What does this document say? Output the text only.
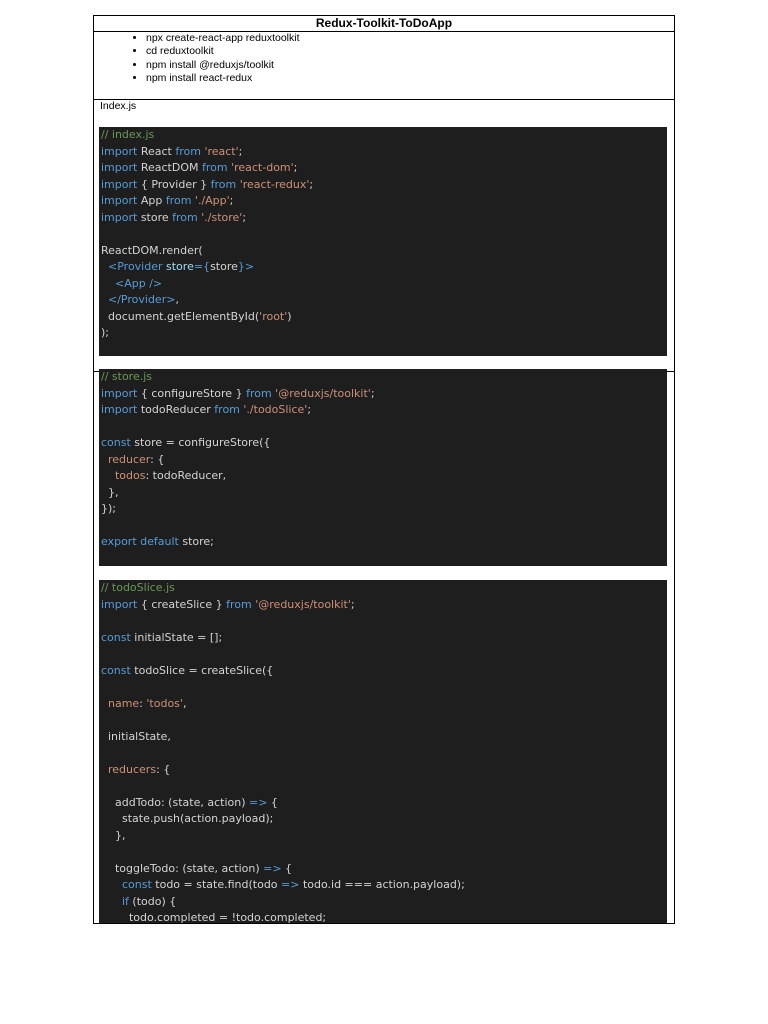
Redux-Toolkit-ToDoApp
• npx create-react-app reduxtoolkit
• cd reduxtoolkit
• npm install @reduxjs/toolkit
• npm install react-redux
Index.js
// index.js
import React from 'react';
import ReactDOM from 'react-dom';
import { Provider } from 'react-redux';
import App from './App';
import store from './store';
ReactDOM.render(
<Provider store={store}>
<App />
</Provider>,
document.getElementById('root')
);
// store.js
import { configureStore } from '@reduxjs/toolkit';
import todoReducer from './todoSlice';
const store = configureStore({
reducer: {
todos: todoReducer,
},
});
export default store;
// todoSlice.js
import { createSlice } from '@reduxjs/toolkit';
const initialState = [];
const todoSlice = createSlice({
name: 'todos',
initialState,
reducers: {
addTodo: (state, action) => {
state.push(action.payload);
},
toggleTodo: (state, action) => {
const todo = state.find(todo => todo.id === action.payload);
if (todo) {
todo.completed = !todo.completed;
